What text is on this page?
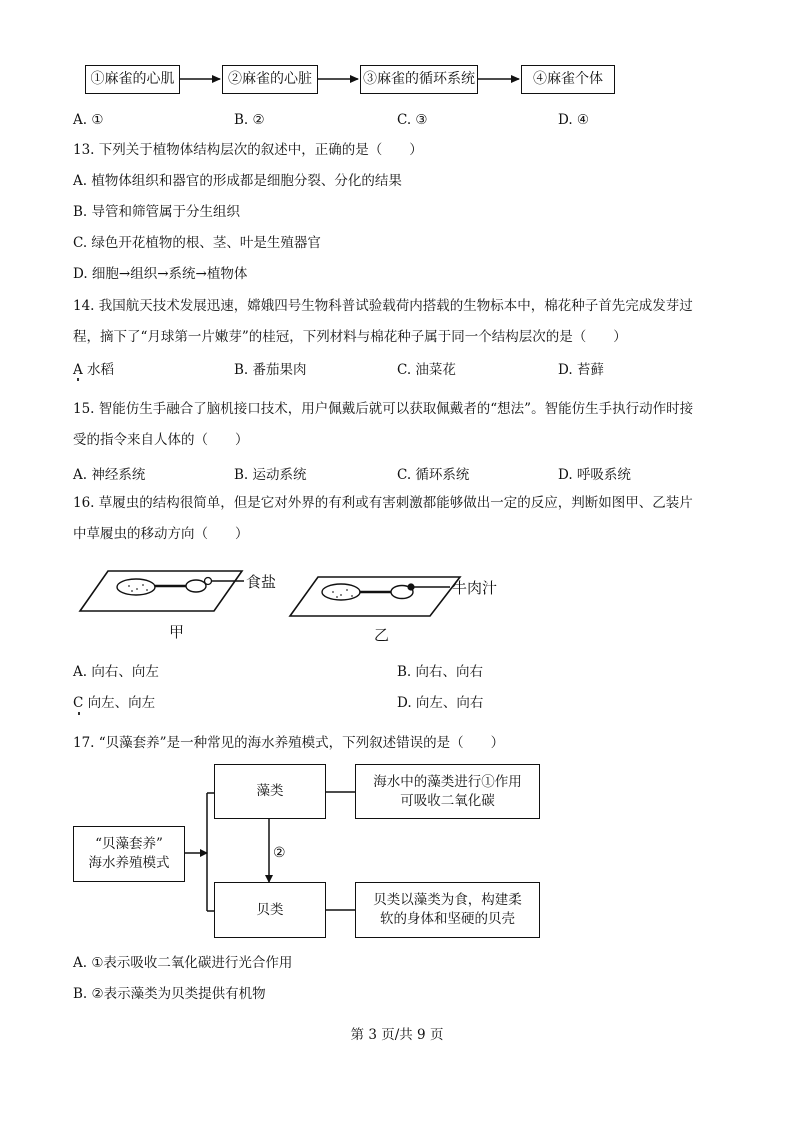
①麻雀的心肌	②麻雀的心脏	③麻雀的循环系统	④麻雀个体
A. ①	B. ②	C. ③	D. ④
13. 下列关于植物体结构层次的叙述中，正确的是（　　）
A. 植物体组织和器官的形成都是细胞分裂、分化的结果
B. 导管和筛管属于分生组织
C. 绿色开花植物的根、茎、叶是生殖器官
D. 细胞→组织→系统→植物体
14. 我国航天技术发展迅速，嫦娥四号生物科普试验载荷内搭载的生物标本中，棉花种子首先完成发芽过
程，摘下了“月球第一片嫩芽”的桂冠，下列材料与棉花种子属于同一个结构层次的是（　　）
A 水稻	B. 番茄果肉	C. 油菜花	D. 苔藓
15. 智能仿生手融合了脑机接口技术，用户佩戴后就可以获取佩戴者的“想法”。智能仿生手执行动作时接
受的指令来自人体的（　　）
A. 神经系统	B. 运动系统	C. 循环系统	D. 呼吸系统
16. 草履虫的结构很简单，但是它对外界的有利或有害刺激都能够做出一定的反应，判断如图甲、乙装片
中草履虫的移动方向（　　）
食盐
甲
牛肉汁
乙
A. 向右、向左	B. 向右、向右
C 向左、向左	D. 向左、向右
17. “贝藻套养”是一种常见的海水养殖模式，下列叙述错误的是（　　）
“贝藻套养”
海水养殖模式
藻类
贝类
②
海水中的藻类进行①作用
可吸收二氧化碳
贝类以藻类为食，构建柔
软的身体和坚硬的贝壳
A. ①表示吸收二氧化碳进行光合作用
B. ②表示藻类为贝类提供有机物
第 3 页/共 9 页
